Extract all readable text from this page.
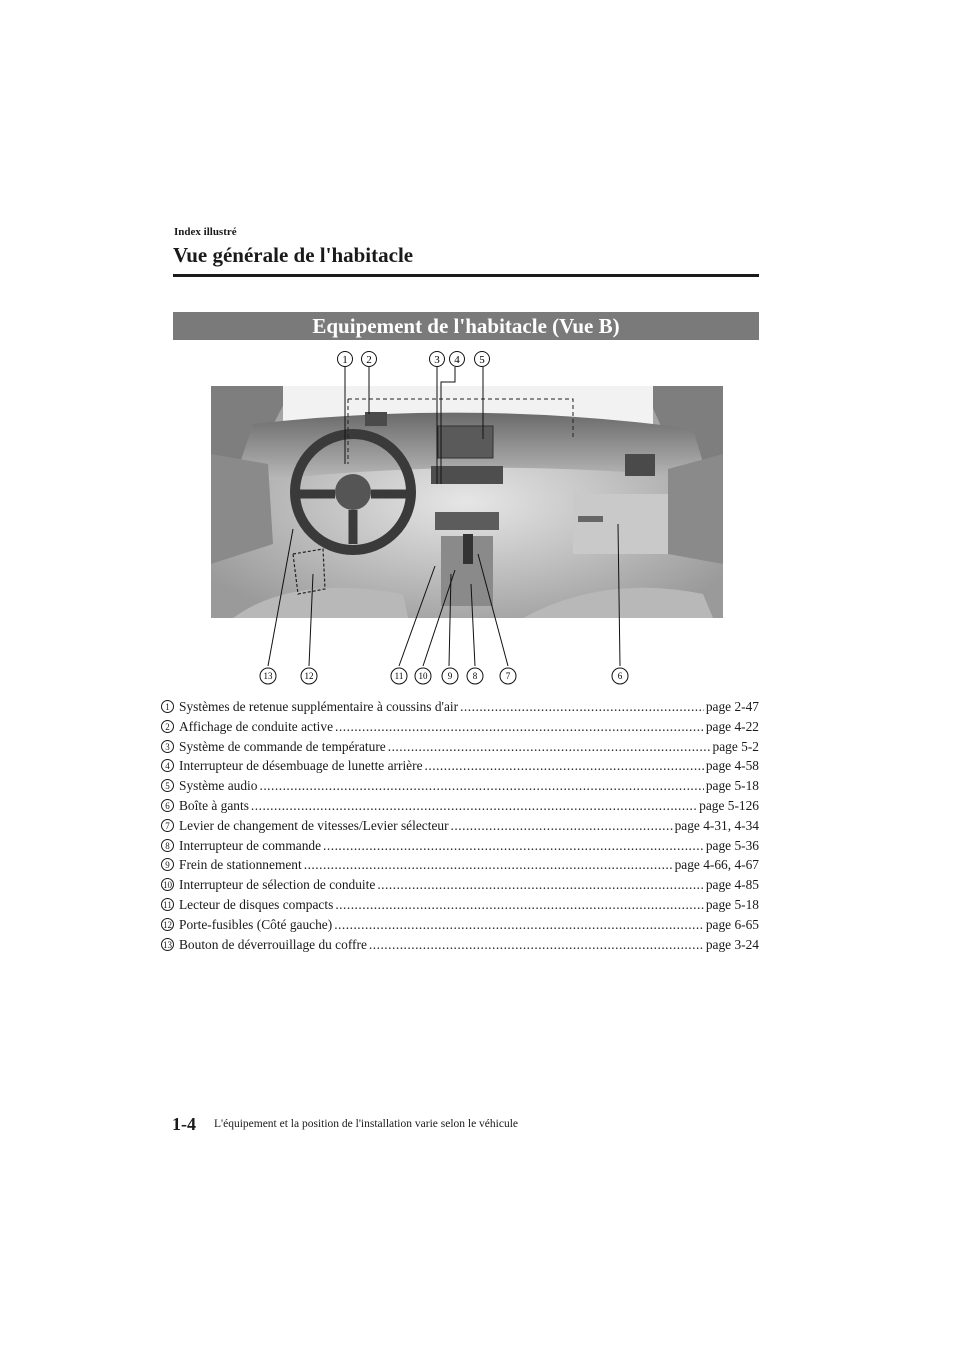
Index illustré
Vue générale de l'habitacle
Equipement de l'habitacle (Vue B)
1 2	3 4 5
13	12	11 10 9 8	7	6
1 Systèmes de retenue supplémentaire à coussins d'air .....	page 2-47
2 Affichage de conduite active .....	page 4-22
3 Système de commande de température .....	page 5-2
4 Interrupteur de désembuage de lunette arrière .....	page 4-58
5 Système audio .....	page 5-18
6 Boîte à gants .....	page 5-126
7 Levier de changement de vitesses/Levier sélecteur .....	page 4-31, 4-34
8 Interrupteur de commande .....	page 5-36
9 Frein de stationnement .....	page 4-66, 4-67
10 Interrupteur de sélection de conduite .....	page 4-85
11 Lecteur de disques compacts .....	page 5-18
12 Porte-fusibles (Côté gauche) .....	page 6-65
13 Bouton de déverrouillage du coffre .....	page 3-24
1-4 L'équipement et la position de l'installation varie selon le véhicule
